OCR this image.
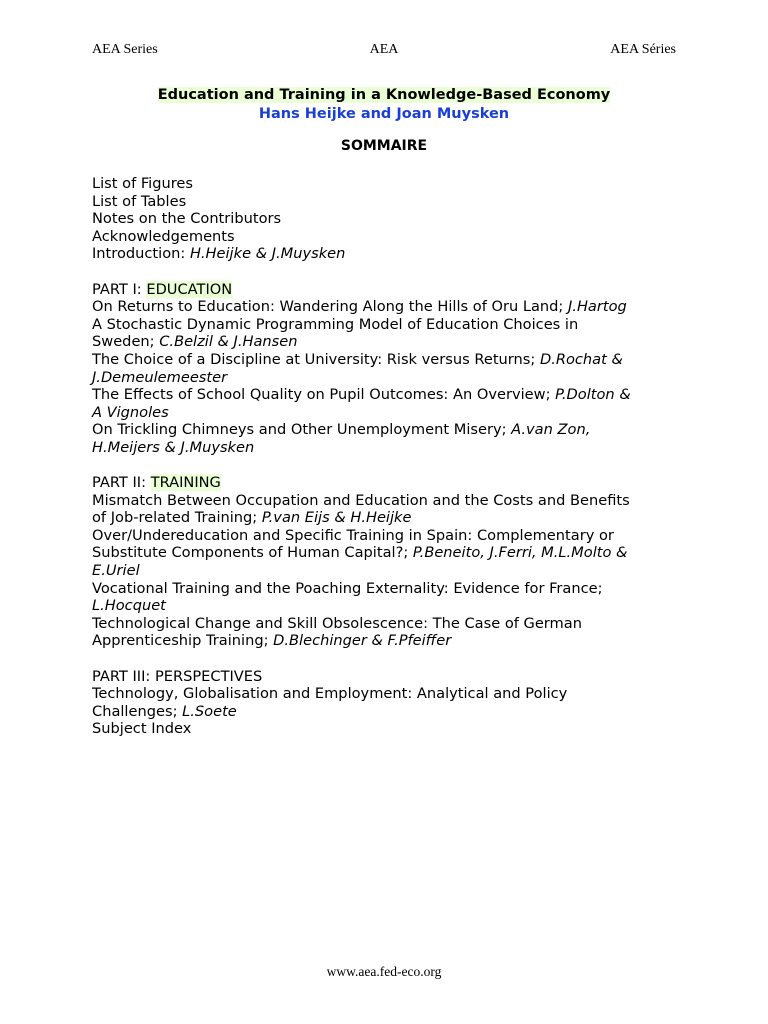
AEA Series	AEA	AEA Séries
Education and Training in a Knowledge-Based Economy
Hans Heijke and Joan Muysken
SOMMAIRE
List of Figures
List of Tables
Notes on the Contributors
Acknowledgements
Introduction: H.Heijke & J.Muysken
PART I: EDUCATION
On Returns to Education: Wandering Along the Hills of Oru Land; J.Hartog
A Stochastic Dynamic Programming Model of Education Choices in
Sweden; C.Belzil & J.Hansen
The Choice of a Discipline at University: Risk versus Returns; D.Rochat &
J.Demeulemeester
The Effects of School Quality on Pupil Outcomes: An Overview; P.Dolton &
A Vignoles
On Trickling Chimneys and Other Unemployment Misery; A.van Zon,
H.Meijers & J.Muysken
PART II: TRAINING
Mismatch Between Occupation and Education and the Costs and Benefits
of Job-related Training; P.van Eijs & H.Heijke
Over/Undereducation and Specific Training in Spain: Complementary or
Substitute Components of Human Capital?; P.Beneito, J.Ferri, M.L.Molto &
E.Uriel
Vocational Training and the Poaching Externality: Evidence for France;
L.Hocquet
Technological Change and Skill Obsolescence: The Case of German
Apprenticeship Training; D.Blechinger & F.Pfeiffer
PART III: PERSPECTIVES
Technology, Globalisation and Employment: Analytical and Policy
Challenges; L.Soete
Subject Index
www.aea.fed-eco.org
